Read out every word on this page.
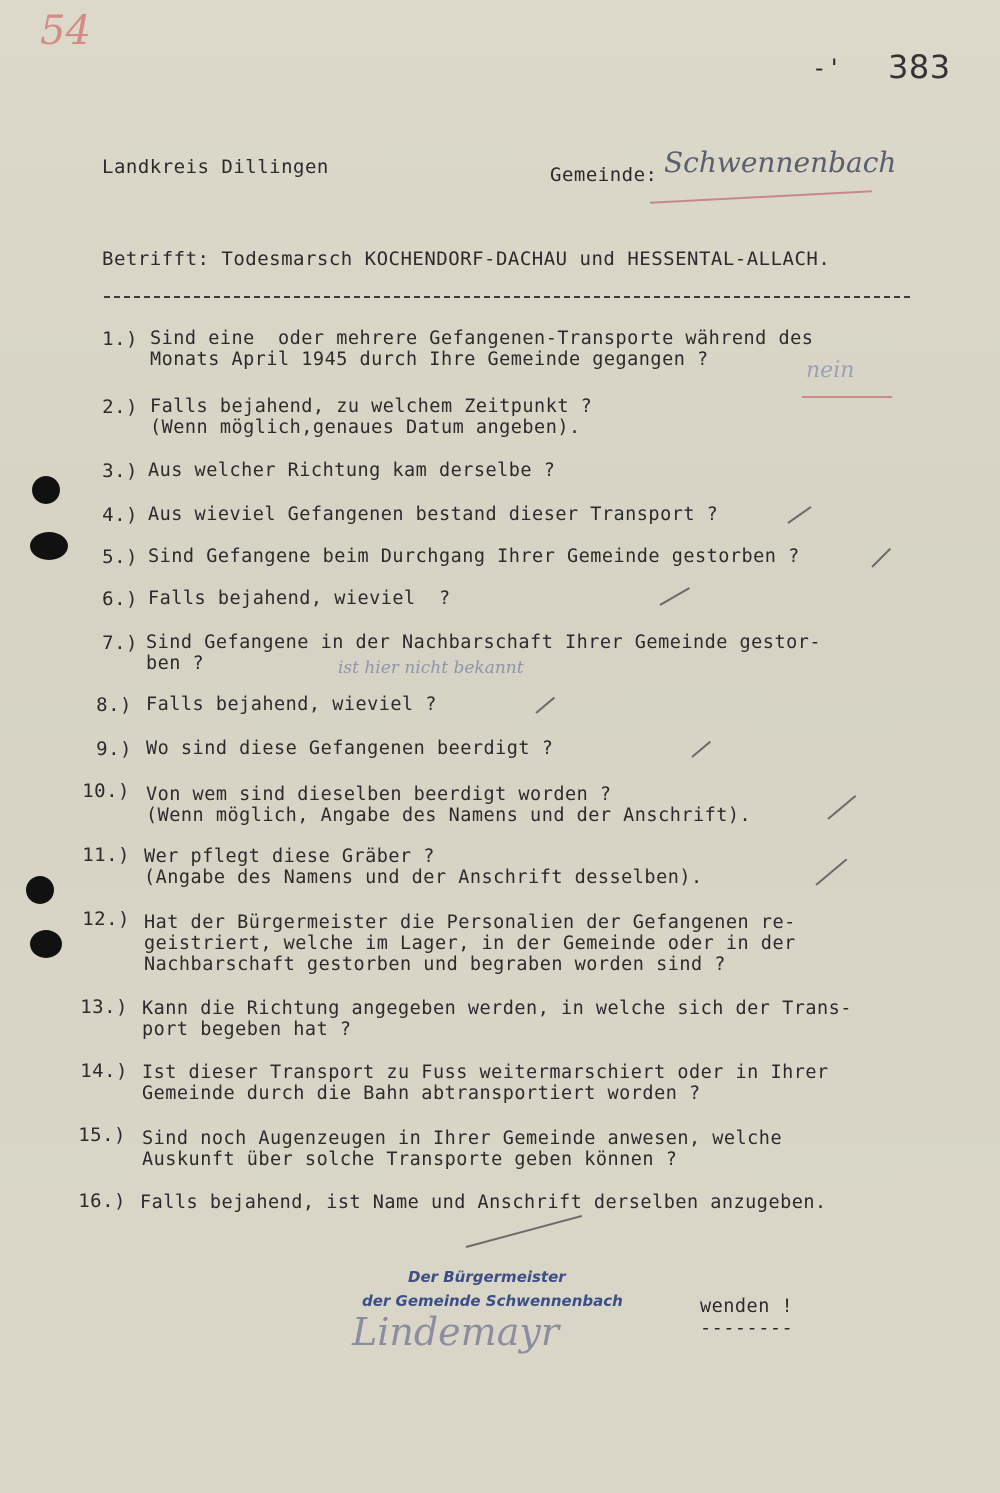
54
383
-'
Landkreis Dillingen	Gemeinde: Schwennenbach
Betrifft: Todesmarsch KOCHENDORF-DACHAU und HESSENTAL-ALLACH.
1.) Sind eine  oder mehrere Gefangenen-Transporte während des
Monats April 1945 durch Ihre Gemeinde gegangen ?	nein
2.) Falls bejahend, zu welchem Zeitpunkt ?
(Wenn möglich,genaues Datum angeben).
3.) Aus welcher Richtung kam derselbe ?
4.) Aus wieviel Gefangenen bestand dieser Transport ?
5.) Sind Gefangene beim Durchgang Ihrer Gemeinde gestorben ?
6.) Falls bejahend, wieviel  ?
7.) Sind Gefangene in der Nachbarschaft Ihrer Gemeinde gestor-
ben ?	ist hier nicht bekannt
8.) Falls bejahend, wieviel ?
9.) Wo sind diese Gefangenen beerdigt ?
10.) Von wem sind dieselben beerdigt worden ?
(Wenn möglich, Angabe des Namens und der Anschrift).
11.) Wer pflegt diese Gräber ?
(Angabe des Namens und der Anschrift desselben).
12.) Hat der Bürgermeister die Personalien der Gefangenen re-
geistriert, welche im Lager, in der Gemeinde oder in der
Nachbarschaft gestorben und begraben worden sind ?
13.) Kann die Richtung angegeben werden, in welche sich der Trans-
port begeben hat ?
14.) Ist dieser Transport zu Fuss weitermarschiert oder in Ihrer
Gemeinde durch die Bahn abtransportiert worden ?
15.) Sind noch Augenzeugen in Ihrer Gemeinde anwesen, welche
Auskunft über solche Transporte geben können ?
16.) Falls bejahend, ist Name und Anschrift derselben anzugeben.
Der Bürgermeister
der Gemeinde Schwennenbach
Lindemayr
wenden !
--------
